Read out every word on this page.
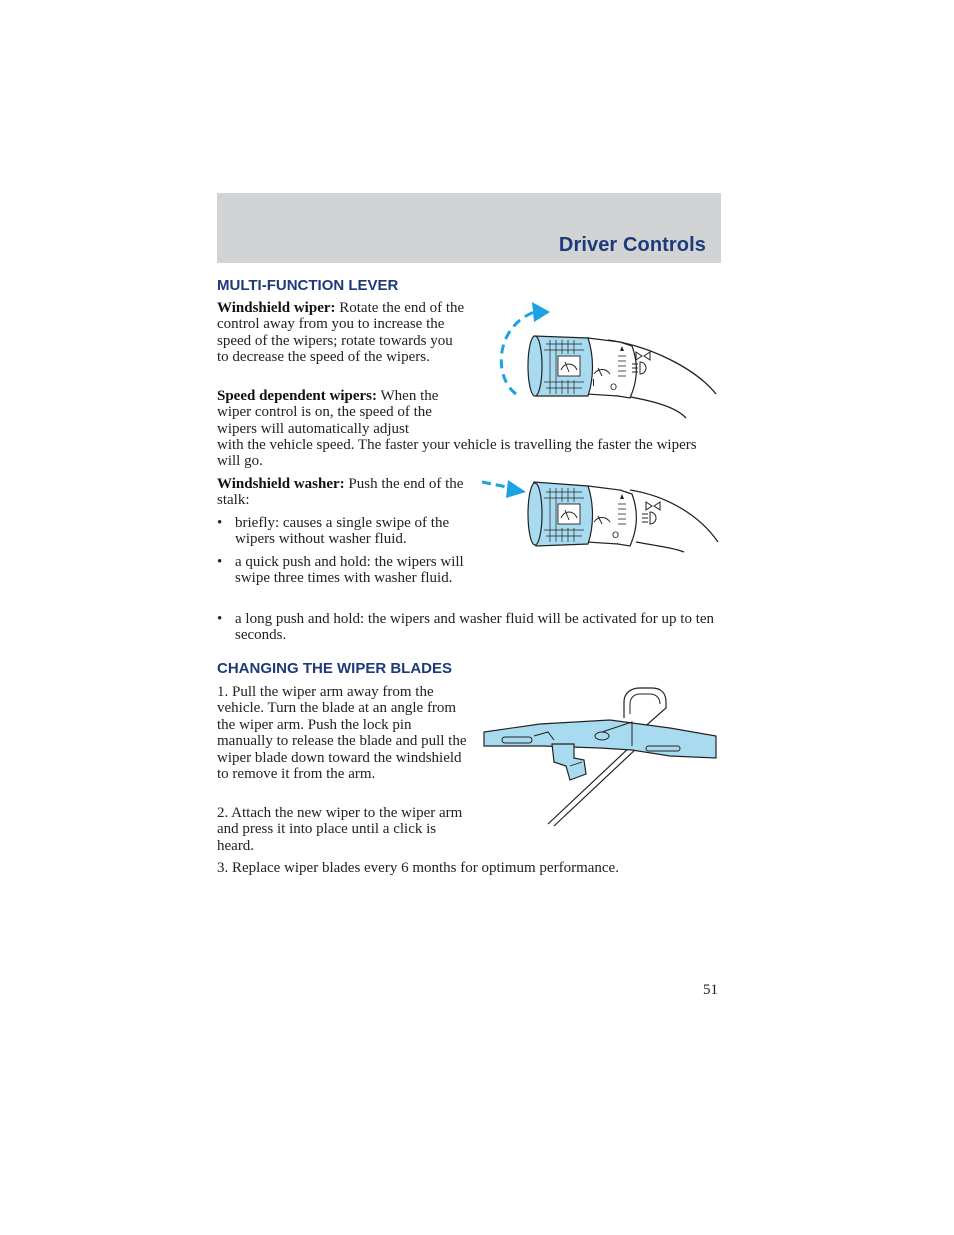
Driver Controls
MULTI-FUNCTION LEVER
Windshield wiper: Rotate the end of the control away from you to increase the speed of the wipers; rotate towards you to decrease the speed of the wipers.
Speed dependent wipers: When the wiper control is on, the speed of the wipers will automatically adjust
with the vehicle speed. The faster your vehicle is travelling the faster the wipers will go.
Windshield washer: Push the end of the stalk:
• briefly: causes a single swipe of the wipers without washer fluid.
• a quick push and hold: the wipers will swipe three times with washer fluid.
• a long push and hold: the wipers and washer fluid will be activated for up to ten seconds.
I O
O
CHANGING THE WIPER BLADES
1. Pull the wiper arm away from the vehicle. Turn the blade at an angle from the wiper arm. Push the lock pin manually to release the blade and pull the wiper blade down toward the windshield to remove it from the arm.
2. Attach the new wiper to the wiper arm and press it into place until a click is heard.
3. Replace wiper blades every 6 months for optimum performance.
51
